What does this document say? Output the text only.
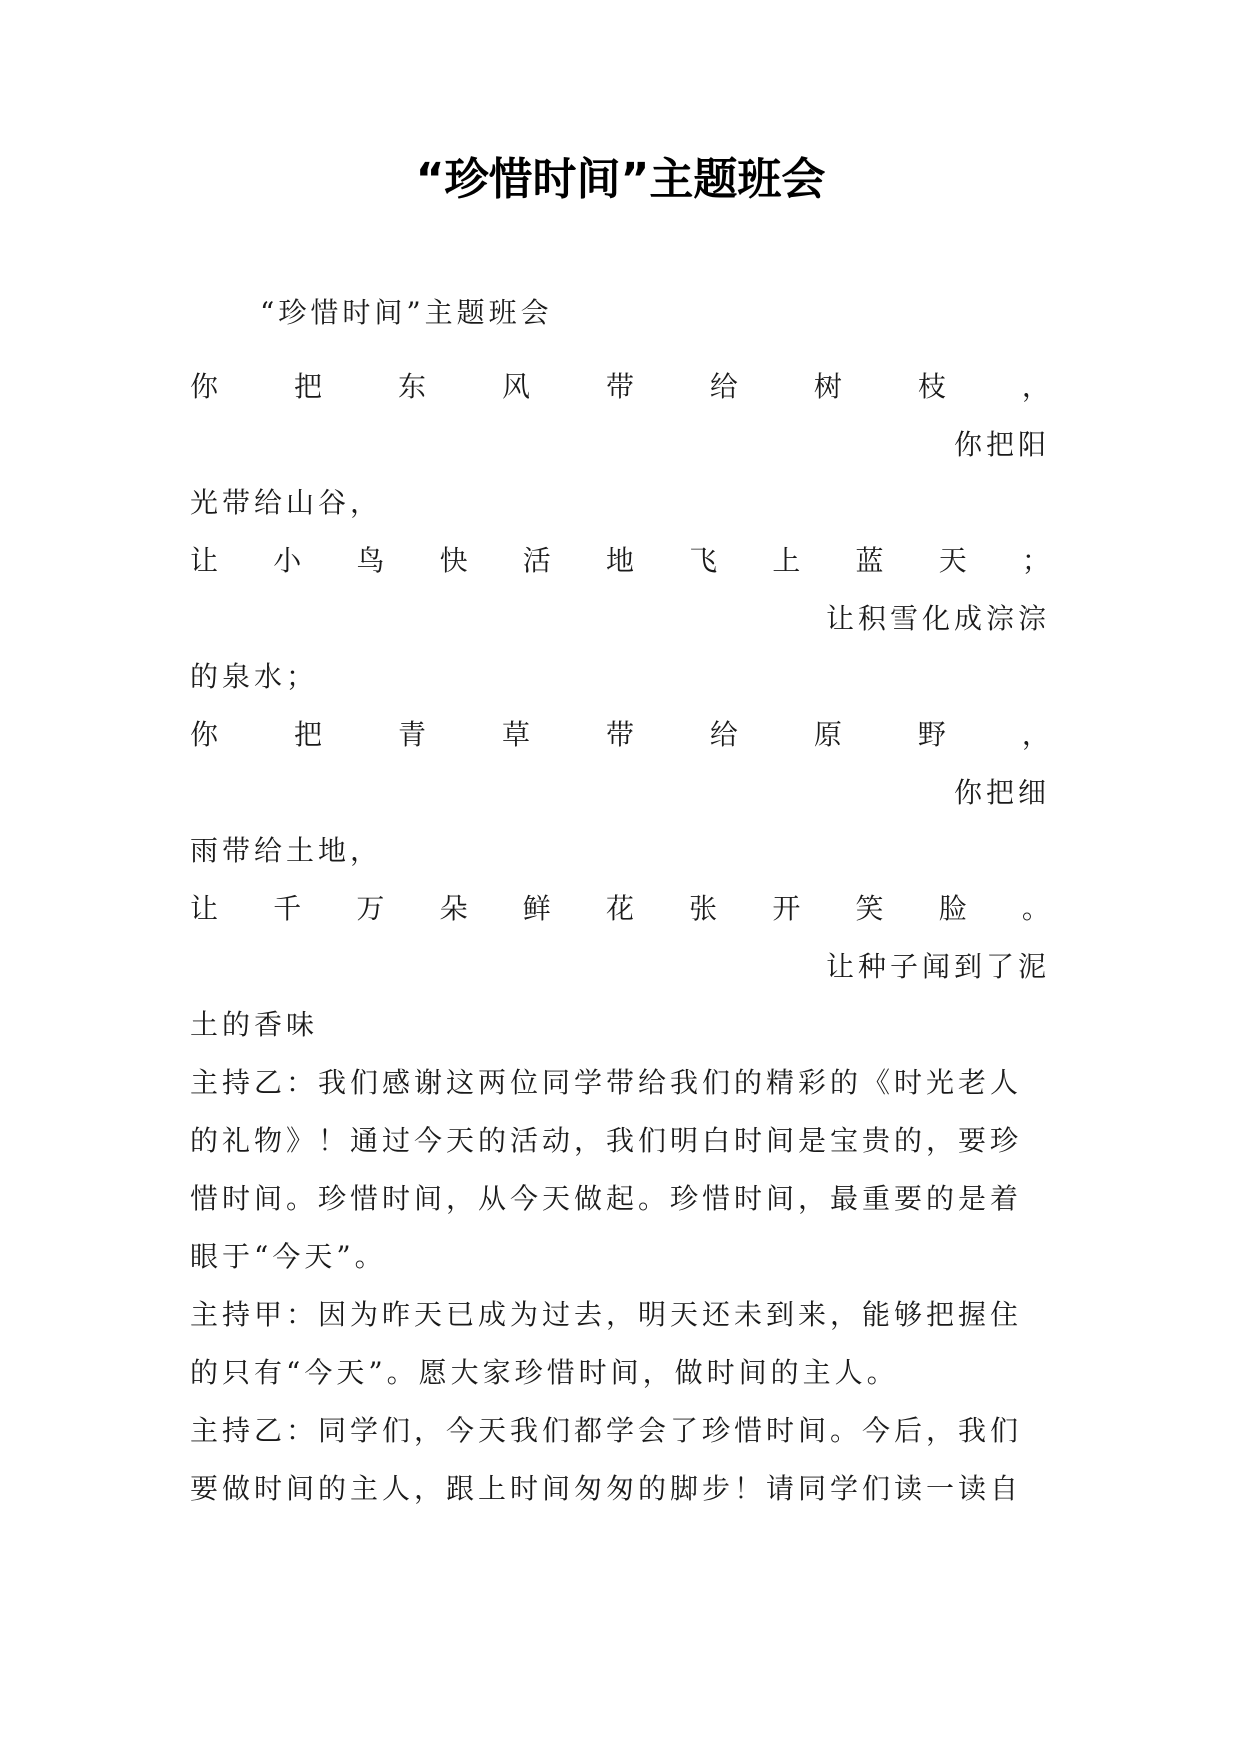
“珍惜时间”主题班会
“珍惜时间”主题班会
你	把	东	风	带	给	树	枝	，
你把阳
光带给山谷，
让 小 鸟 快 活 地 飞 上 蓝 天 ；
让积雪化成淙淙
的泉水；
你	把	青	草	带	给	原	野	，
你把细
雨带给土地，
让 千 万 朵 鲜 花 张 开 笑 脸 。
让种子闻到了泥
土的香味
主持乙：我们感谢这两位同学带给我们的精彩的《时光老人
的礼物》！通过今天的活动，我们明白时间是宝贵的，要珍
惜时间。珍惜时间，从今天做起。珍惜时间，最重要的是着
眼于“今天”。
主持甲：因为昨天已成为过去，明天还未到来，能够把握住
的只有“今天”。愿大家珍惜时间，做时间的主人。
主持乙：同学们，今天我们都学会了珍惜时间。今后，我们
要做时间的主人，跟上时间匆匆的脚步！请同学们读一读自
